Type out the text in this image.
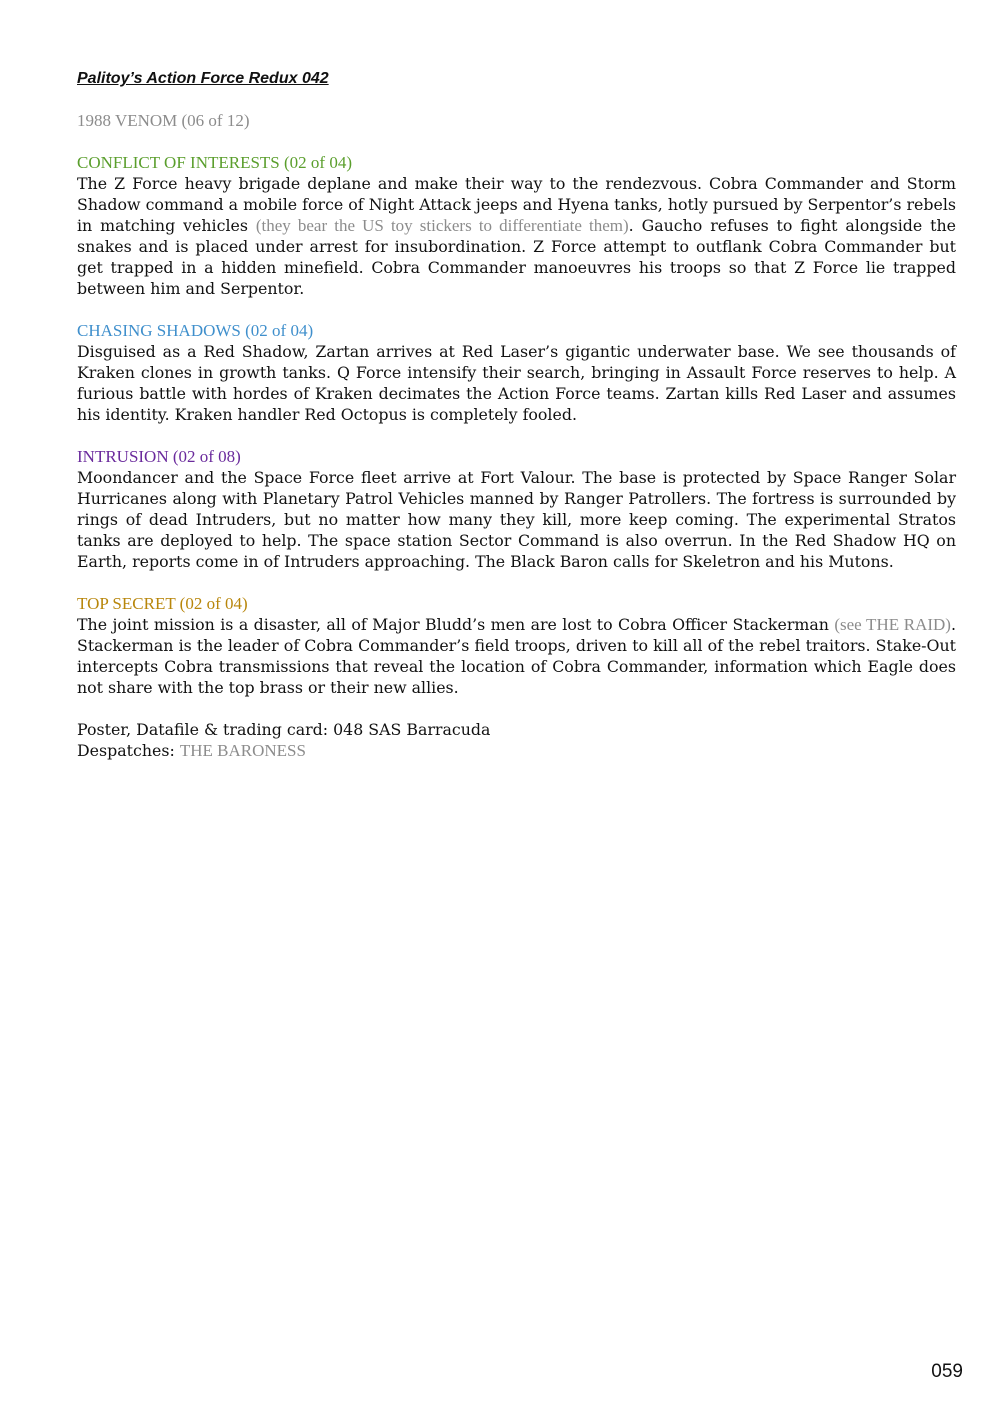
Palitoy’s Action Force Redux 042

1988 VENOM (06 of 12)

CONFLICT OF INTERESTS (02 of 04)

The Z Force heavy brigade deplane and make their way to the rendezvous. Cobra Commander and Storm Shadow command a mobile force of Night Attack jeeps and Hyena tanks, hotly pursued by Serpentor’s rebels in matching vehicles (they bear the US toy stickers to differentiate them). Gaucho refuses to fight alongside the snakes and is placed under arrest for insubordination. Z Force attempt to outflank Cobra Commander but get trapped in a hidden minefield. Cobra Commander manoeuvres his troops so that Z Force lie trapped between him and Serpentor.

CHASING SHADOWS (02 of 04)

Disguised as a Red Shadow, Zartan arrives at Red Laser’s gigantic underwater base. We see thousands of Kraken clones in growth tanks. Q Force intensify their search, bringing in Assault Force reserves to help. A furious battle with hordes of Kraken decimates the Action Force teams. Zartan kills Red Laser and assumes his identity. Kraken handler Red Octopus is completely fooled.

INTRUSION (02 of 08)

Moondancer and the Space Force fleet arrive at Fort Valour. The base is protected by Space Ranger Solar Hurricanes along with Planetary Patrol Vehicles manned by Ranger Patrollers. The fortress is surrounded by rings of dead Intruders, but no matter how many they kill, more keep coming. The experimental Stratos tanks are deployed to help. The space station Sector Command is also overrun. In the Red Shadow HQ on Earth, reports come in of Intruders approaching. The Black Baron calls for Skeletron and his Mutons.

TOP SECRET (02 of 04)

The joint mission is a disaster, all of Major Bludd’s men are lost to Cobra Officer Stackerman (see THE RAID). Stackerman is the leader of Cobra Commander’s field troops, driven to kill all of the rebel traitors. Stake-Out intercepts Cobra transmissions that reveal the location of Cobra Commander, information which Eagle does not share with the top brass or their new allies.

Poster, Datafile & trading card: 048 SAS Barracuda

Despatches: THE BARONESS

059
